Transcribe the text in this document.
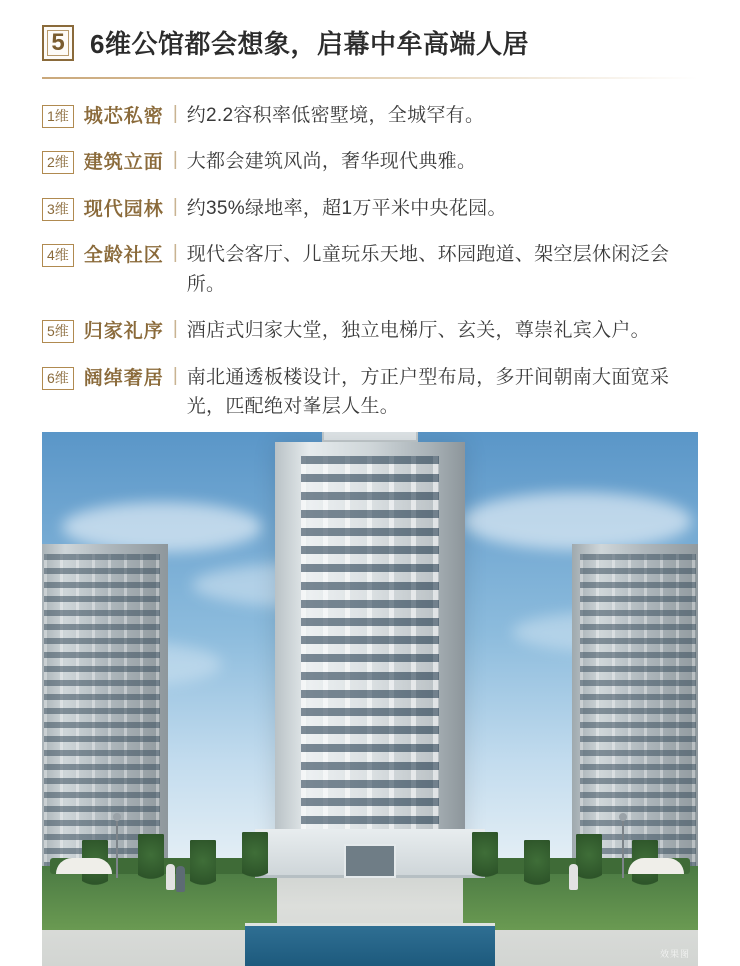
5 6维公馆都会想象，启幕中牟高端人居
1维 城芯私密 | 约2.2容积率低密墅境，全城罕有。
2维 建筑立面 | 大都会建筑风尚，奢华现代典雅。
3维 现代园林 | 约35%绿地率，超1万平米中央花园。
4维 全龄社区 | 现代会客厅、儿童玩乐天地、环园跑道、架空层休闲泛会所。
5维 归家礼序 | 酒店式归家大堂，独立电梯厅、玄关，尊崇礼宾入户。
6维 阔绰奢居 | 南北通透板楼设计，方正户型布局，多开间朝南大面宽采光，匹配绝对峯层人生。
效果图
